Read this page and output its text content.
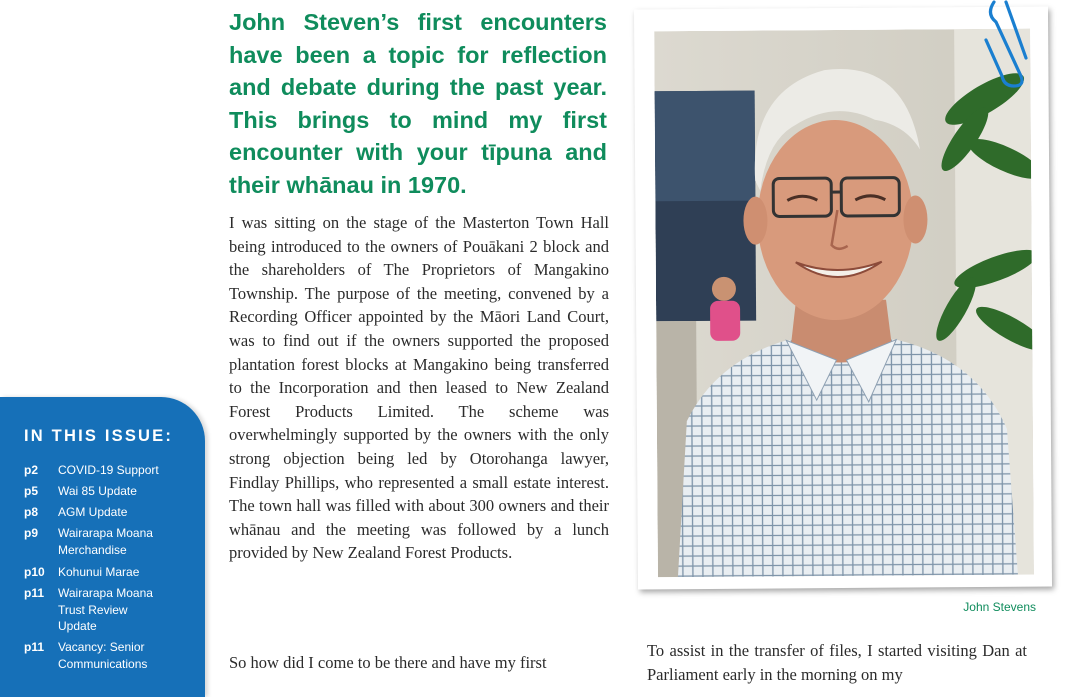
IN THIS ISSUE:
p2 COVID-19 Support
p5 Wai 85 Update
p8 AGM Update
p9 Wairarapa Moana Merchandise
p10 Kohunui Marae
p11 Wairarapa Moana Trust Review Update
p11 Vacancy: Senior Communications
John Steven’s first encounters have been a topic for reflection and debate during the past year. This brings to mind my first encounter with your tīpuna and their whānau in 1970.
I was sitting on the stage of the Masterton Town Hall being introduced to the owners of Pouākani 2 block and the shareholders of The Proprietors of Mangakino Township. The purpose of the meeting, convened by a Recording Officer appointed by the Māori Land Court, was to find out if the owners supported the proposed plantation forest blocks at Mangakino being transferred to the Incorporation and then leased to New Zealand Forest Products Limited. The scheme was overwhelmingly supported by the owners with the only strong objection being led by Otorohanga lawyer, Findlay Phillips, who represented a small estate interest. The town hall was filled with about 300 owners and their whānau and the meeting was followed by a lunch provided by New Zealand Forest Products.
So how did I come to be there and have my first
To assist in the transfer of files, I started visiting Dan at Parliament early in the morning on my
John Stevens
